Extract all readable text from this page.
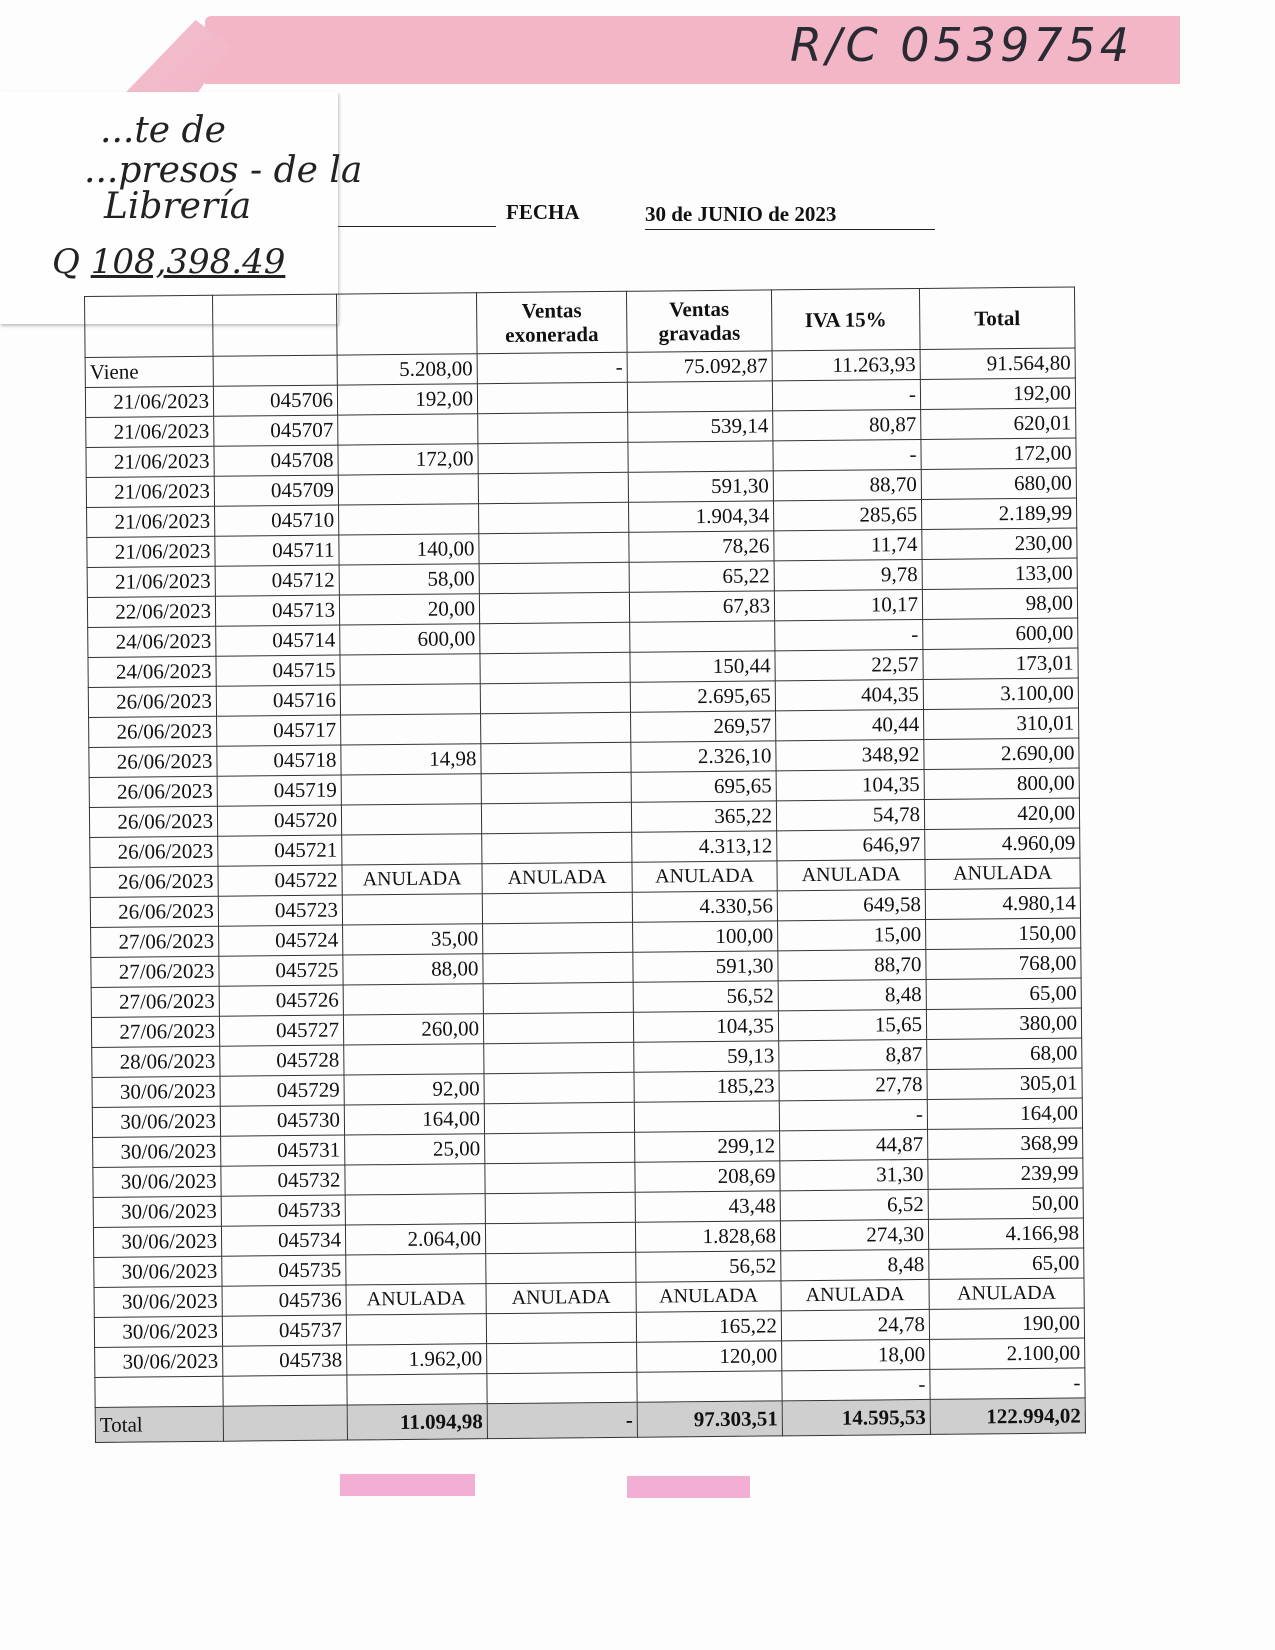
R/C 0539754
...te de
...presos - de la
Librería
Q 108,398.49
FECHA	30 de JUNIO de 2023
			Ventas exonerada	Ventas gravadas	IVA 15%	Total
Viene		5.208,00	-	75.092,87	11.263,93	91.564,80
21/06/2023	045706	192,00			-	192,00
21/06/2023	045707			539,14	80,87	620,01
21/06/2023	045708	172,00			-	172,00
21/06/2023	045709			591,30	88,70	680,00
21/06/2023	045710			1.904,34	285,65	2.189,99
21/06/2023	045711	140,00		78,26	11,74	230,00
21/06/2023	045712	58,00		65,22	9,78	133,00
22/06/2023	045713	20,00		67,83	10,17	98,00
24/06/2023	045714	600,00			-	600,00
24/06/2023	045715			150,44	22,57	173,01
26/06/2023	045716			2.695,65	404,35	3.100,00
26/06/2023	045717			269,57	40,44	310,01
26/06/2023	045718	14,98		2.326,10	348,92	2.690,00
26/06/2023	045719			695,65	104,35	800,00
26/06/2023	045720			365,22	54,78	420,00
26/06/2023	045721			4.313,12	646,97	4.960,09
26/06/2023	045722	ANULADA	ANULADA	ANULADA	ANULADA	ANULADA
26/06/2023	045723			4.330,56	649,58	4.980,14
27/06/2023	045724	35,00		100,00	15,00	150,00
27/06/2023	045725	88,00		591,30	88,70	768,00
27/06/2023	045726			56,52	8,48	65,00
27/06/2023	045727	260,00		104,35	15,65	380,00
28/06/2023	045728			59,13	8,87	68,00
30/06/2023	045729	92,00		185,23	27,78	305,01
30/06/2023	045730	164,00			-	164,00
30/06/2023	045731	25,00		299,12	44,87	368,99
30/06/2023	045732			208,69	31,30	239,99
30/06/2023	045733			43,48	6,52	50,00
30/06/2023	045734	2.064,00		1.828,68	274,30	4.166,98
30/06/2023	045735			56,52	8,48	65,00
30/06/2023	045736	ANULADA	ANULADA	ANULADA	ANULADA	ANULADA
30/06/2023	045737			165,22	24,78	190,00
30/06/2023	045738	1.962,00		120,00	18,00	2.100,00
					-	-
Total		11.094,98	-	97.303,51	14.595,53	122.994,02
